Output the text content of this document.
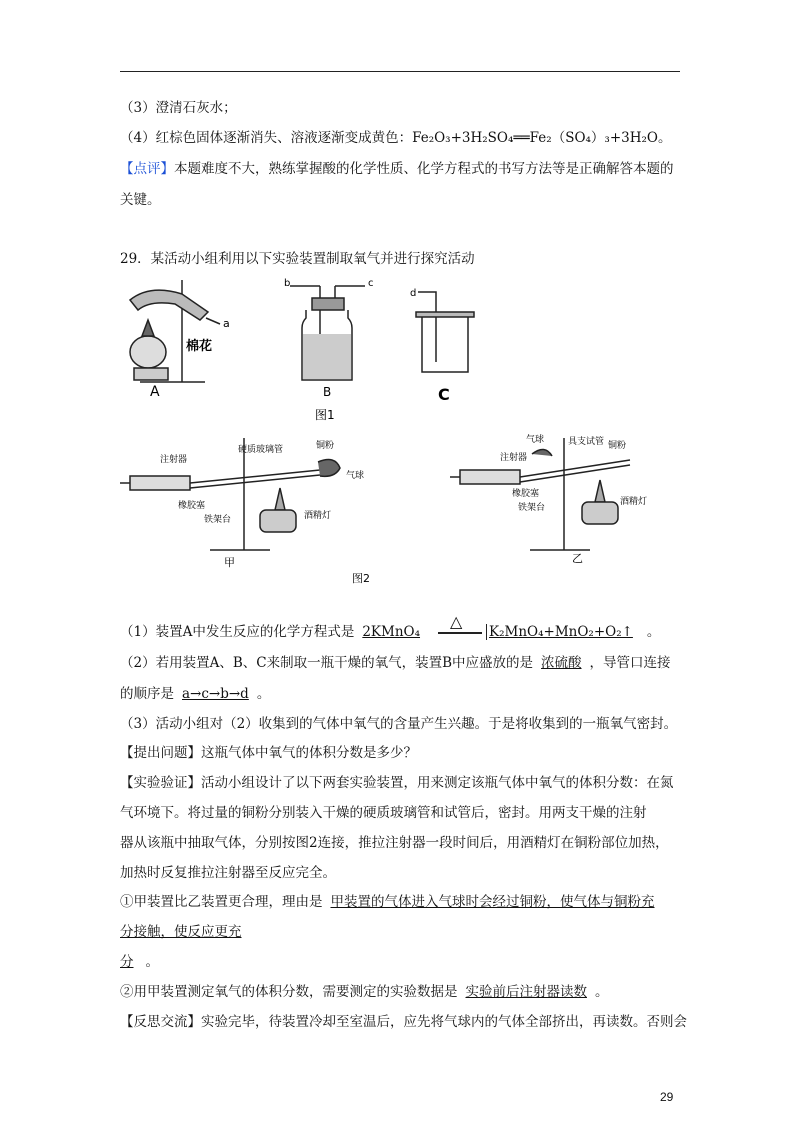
（3）澄清石灰水；
（4）红棕色固体逐渐消失、溶液逐渐变成黄色：Fe₂O₃+3H₂SO₄══Fe₂（SO₄）₃+3H₂O。
【点评】本题难度不大，熟练掌握酸的化学性质、化学方程式的书写方法等是正确解答本题的
关键。
29．某活动小组利用以下实验装置制取氧气并进行探究活动
a
棉花
A
b	c
B
图1
d
C
注射器
硬质玻璃管	铜粉
气球
橡胶塞
铁架台	酒精灯
甲
图2
气球
注射器
具支试管 铜粉
橡胶塞
铁架台
酒精灯
乙
（1）装置A中发生反应的化学方程式是 2KMnO₄
△
K₂MnO₄+MnO₂+O₂↑ 。
（2）若用装置A、B、C来制取一瓶干燥的氧气，装置B中应盛放的是 浓硫酸 ，导管口连接
的顺序是 a→c→b→d 。
（3）活动小组对（2）收集到的气体中氧气的含量产生兴趣。于是将收集到的一瓶氧气密封。
【提出问题】这瓶气体中氧气的体积分数是多少？
【实验验证】活动小组设计了以下两套实验装置，用来测定该瓶气体中氧气的体积分数：在氮
气环境下。将过量的铜粉分别装入干燥的硬质玻璃管和试管后，密封。用两支干燥的注射
器从该瓶中抽取气体，分别按图2连接，推拉注射器一段时间后，用酒精灯在铜粉部位加热，
加热时反复推拉注射器至反应完全。
①甲装置比乙装置更合理，理由是 甲装置的气体进入气球时会经过铜粉，使气体与铜粉充
分接触，使反应更充
分 。
②用甲装置测定氧气的体积分数，需要测定的实验数据是 实验前后注射器读数 。
【反思交流】实验完毕，待装置冷却至室温后，应先将气球内的气体全部挤出，再读数。否则会
29
